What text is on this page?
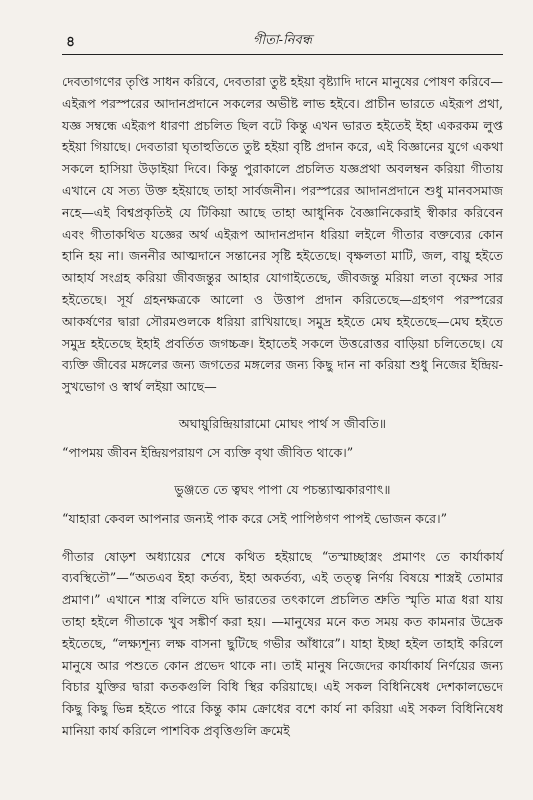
৪	গীতা-নিবন্ধ

দেবতাগণের তৃপ্তি সাধন করিবে, দেবতারা তুষ্ট হইয়া বৃষ্ট্যাদি দানে মানুষের পোষণ করিবে—এইরূপ পরস্পরের আদানপ্রদানে সকলের অভীষ্ট লাভ হইবে। প্রাচীন ভারতে এইরূপ প্রথা, যজ্ঞ সম্বন্ধে এইরূপ ধারণা প্রচলিত ছিল বটে কিন্তু এখন ভারত হইতেই ইহা একরকম লুপ্ত হইয়া গিয়াছে। দেবতারা ঘৃতাহুতিতে তুষ্ট হইয়া বৃষ্টি প্রদান করে, এই বিজ্ঞানের যুগে একথা সকলে হাসিয়া উড়াইয়া দিবে। কিন্তু পুরাকালে প্রচলিত যজ্ঞপ্রথা অবলম্বন করিয়া গীতায় এখানে যে সত্য উক্ত হইয়াছে তাহা সার্বজনীন। পরস্পরের আদানপ্রদানে শুধু মানবসমাজ নহে—এই বিশ্বপ্রকৃতিই যে টিকিয়া আছে তাহা আধুনিক বৈজ্ঞানিকেরাই স্বীকার করিবেন এবং গীতাকথিত যজ্ঞের অর্থ এইরূপ আদানপ্রদান ধরিয়া লইলে গীতার বক্তব্যের কোন হানি হয় না। জননীর আত্মদানে সন্তানের সৃষ্টি হইতেছে। বৃক্ষলতা মাটি, জল, বায়ু হইতে আহার্য সংগ্রহ করিয়া জীবজন্তুর আহার যোগাইতেছে, জীবজন্তু মরিয়া লতা বৃক্ষের সার হইতেছে। সূর্য গ্রহনক্ষত্রকে আলো ও উত্তাপ প্রদান করিতেছে—গ্রহগণ পরস্পরের আকর্ষণের দ্বারা সৌরমণ্ডলকে ধরিয়া রাখিয়াছে। সমুদ্র হইতে মেঘ হইতেছে—মেঘ হইতে সমুদ্র হইতেছে ইহাই প্রবর্তিত জগচ্চক্র। ইহাতেই সকলে উত্তরোত্তর বাড়িয়া চলিতেছে। যে ব্যক্তি জীবের মঙ্গলের জন্য জগতের মঙ্গলের জন্য কিছু দান না করিয়া শুধু নিজের ইন্দ্রিয়-সুখভোগ ও স্বার্থ লইয়া আছে—

অঘায়ুরিন্দ্রিয়ারামো মোঘং পার্থ স জীবতি॥

“পাপময় জীবন ইন্দ্রিয়পরায়ণ সে ব্যক্তি বৃথা জীবিত থাকে।”

ভুঞ্জতে তে ত্বঘং পাপা যে পচন্ত্যাত্মকারণাৎ॥

“যাহারা কেবল আপনার জন্যই পাক করে সেই পাপিষ্ঠগণ পাপই ভোজন করে।”

গীতার ষোড়শ অধ্যায়ের শেষে কথিত হইয়াছে “তস্মাচ্ছাস্ত্রং প্রমাণং তে কার্যাকার্য ব্যবস্থিতৌ”—“অতএব ইহা কর্তব্য, ইহা অকর্তব্য, এই তত্ত্ব নির্ণয় বিষয়ে শাস্ত্রই তোমার প্রমাণ।” এখানে শাস্ত্র বলিতে যদি ভারতের তৎকালে প্রচলিত শ্রুতি স্মৃতি মাত্র ধরা যায় তাহা হইলে গীতাকে খুব সঙ্কীর্ণ করা হয়। —মানুষের মনে কত সময় কত কামনার উদ্রেক হইতেছে, “লক্ষ্যশূন্য লক্ষ বাসনা ছুটিছে গভীর আঁধারে”। যাহা ইচ্ছা হইল তাহাই করিলে মানুষে আর পশুতে কোন প্রভেদ থাকে না। তাই মানুষ নিজেদের কার্যাকার্য নির্ণয়ের জন্য বিচার যুক্তির দ্বারা কতকগুলি বিধি স্থির করিয়াছে। এই সকল বিধিনিষেধ দেশকালভেদে কিছু কিছু ভিন্ন হইতে পারে কিন্তু কাম ক্রোধের বশে কার্য না করিয়া এই সকল বিধিনিষেধ মানিয়া কার্য করিলে পাশবিক প্রবৃত্তিগুলি ক্রমেই
